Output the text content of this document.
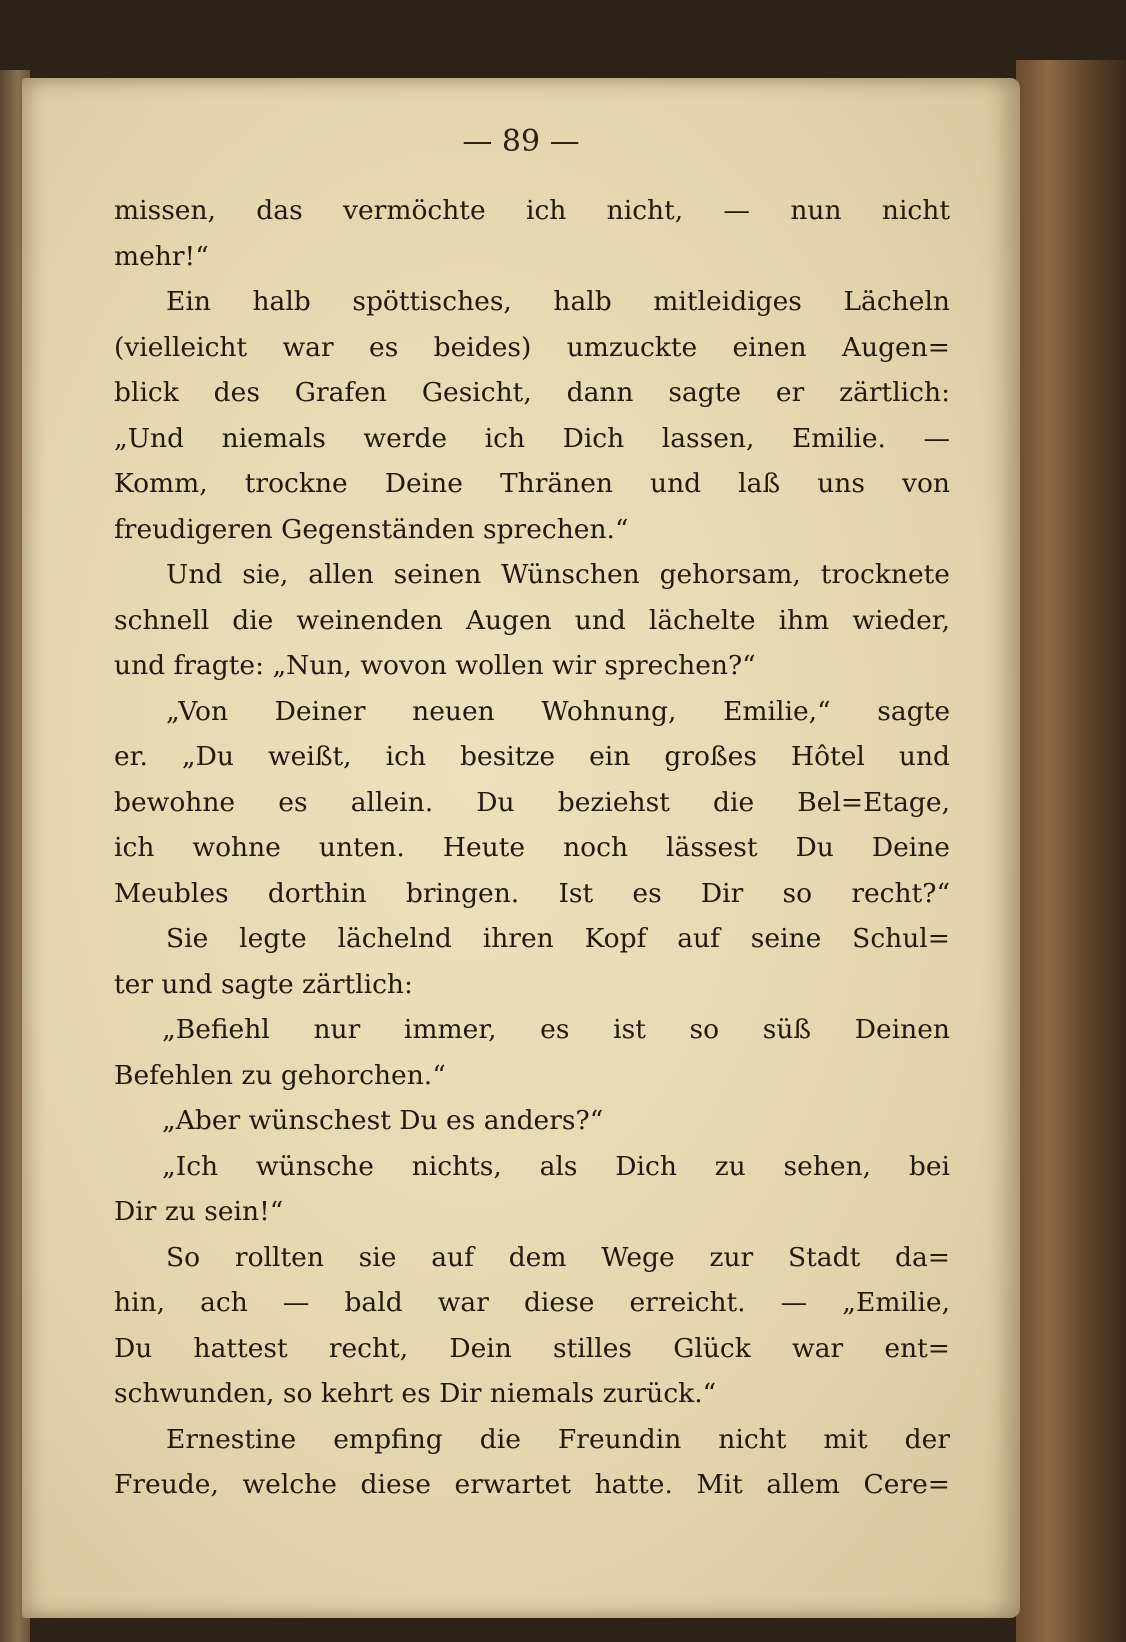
— 89 —
missen, das vermöchte ich nicht, — nun nicht
mehr!“
Ein halb spöttisches, halb mitleidiges Lächeln
(vielleicht war es beides) umzuckte einen Augen=
blick des Grafen Gesicht, dann sagte er zärtlich:
„Und niemals werde ich Dich lassen, Emilie. —
Komm, trockne Deine Thränen und laß uns von
freudigeren Gegenständen sprechen.“
Und sie, allen seinen Wünschen gehorsam, trocknete
schnell die weinenden Augen und lächelte ihm wieder,
und fragte: „Nun, wovon wollen wir sprechen?“
„Von Deiner neuen Wohnung, Emilie,“ sagte
er. „Du weißt, ich besitze ein großes Hôtel und
bewohne es allein. Du beziehst die Bel=Etage,
ich wohne unten. Heute noch lässest Du Deine
Meubles dorthin bringen. Ist es Dir so recht?“
Sie legte lächelnd ihren Kopf auf seine Schul=
ter und sagte zärtlich:
„Befiehl nur immer, es ist so süß Deinen
Befehlen zu gehorchen.“
„Aber wünschest Du es anders?“
„Ich wünsche nichts, als Dich zu sehen, bei
Dir zu sein!“
So rollten sie auf dem Wege zur Stadt da=
hin, ach — bald war diese erreicht. — „Emilie,
Du hattest recht, Dein stilles Glück war ent=
schwunden, so kehrt es Dir niemals zurück.“
Ernestine empfing die Freundin nicht mit der
Freude, welche diese erwartet hatte. Mit allem Cere=
